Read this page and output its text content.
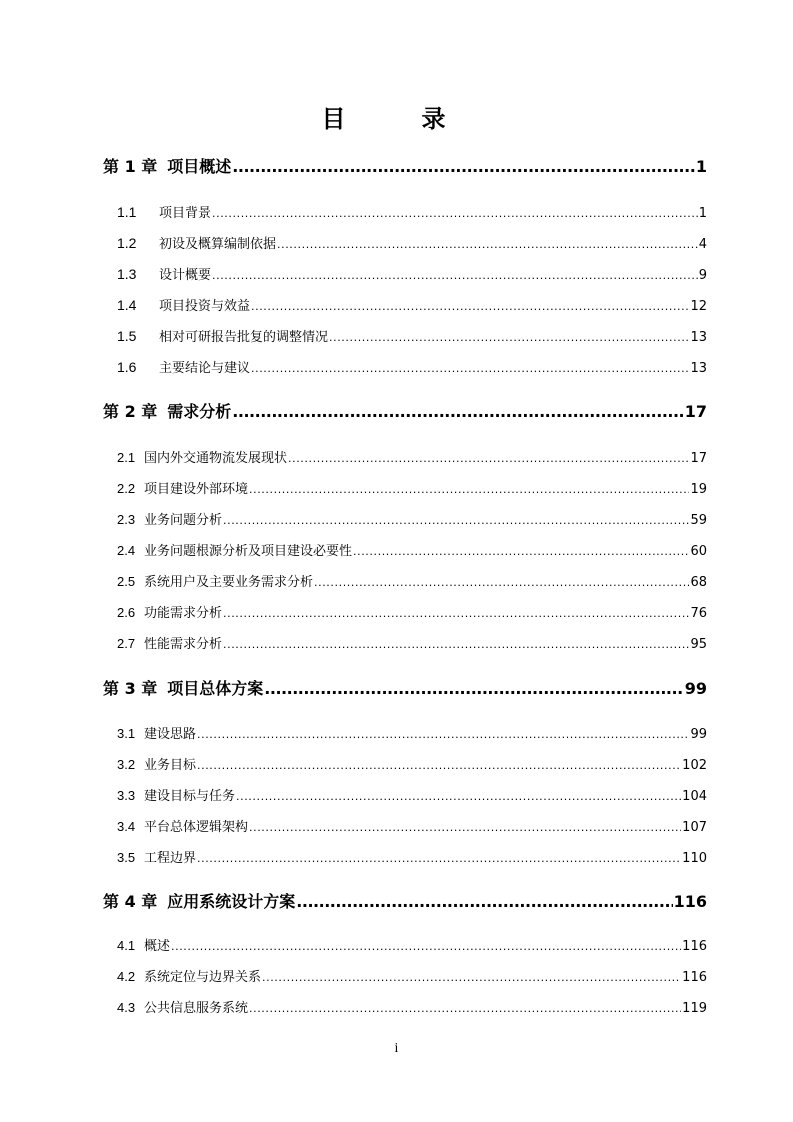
目　录
第 1 章 项目概述 .....	1
1.1	项目背景 .....	1
1.2	初设及概算编制依据 .....	4
1.3	设计概要 .....	9
1.4	项目投资与效益 .....	12
1.5	相对可研报告批复的调整情况 .....	13
1.6	主要结论与建议 .....	13
第 2 章 需求分析 .....	17
2.1 国内外交通物流发展现状 .....	17
2.2 项目建设外部环境 .....	19
2.3 业务问题分析 .....	59
2.4 业务问题根源分析及项目建设必要性 .....	60
2.5 系统用户及主要业务需求分析 .....	68
2.6 功能需求分析 .....	76
2.7 性能需求分析 .....	95
第 3 章 项目总体方案 .....	99
3.1 建设思路 .....	99
3.2 业务目标 .....	102
3.3 建设目标与任务 .....	104
3.4 平台总体逻辑架构 .....	107
3.5 工程边界 .....	110
第 4 章 应用系统设计方案 .....	116
4.1 概述 .....	116
4.2 系统定位与边界关系 .....	116
4.3 公共信息服务系统 .....	119
i
